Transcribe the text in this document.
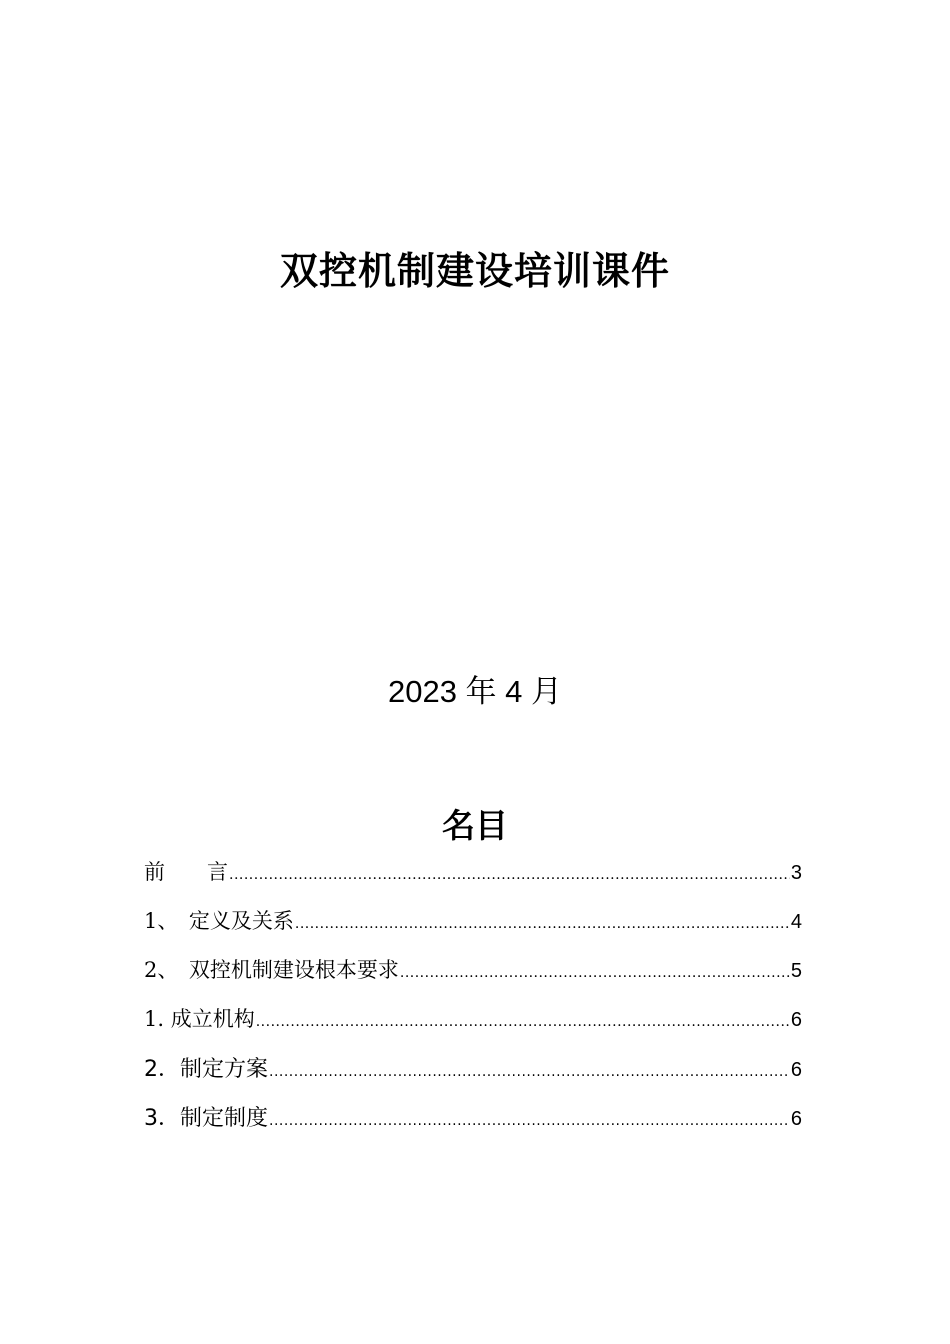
双控机制建设培训课件
2023 年 4 月
名目
前　　言 .....	3
1、　定义及关系 .....	4
2、　双控机制建设根本要求 .....	5
1. 成立机构 .....	6
2．制定方案 .....	6
3．制定制度 .....	6
